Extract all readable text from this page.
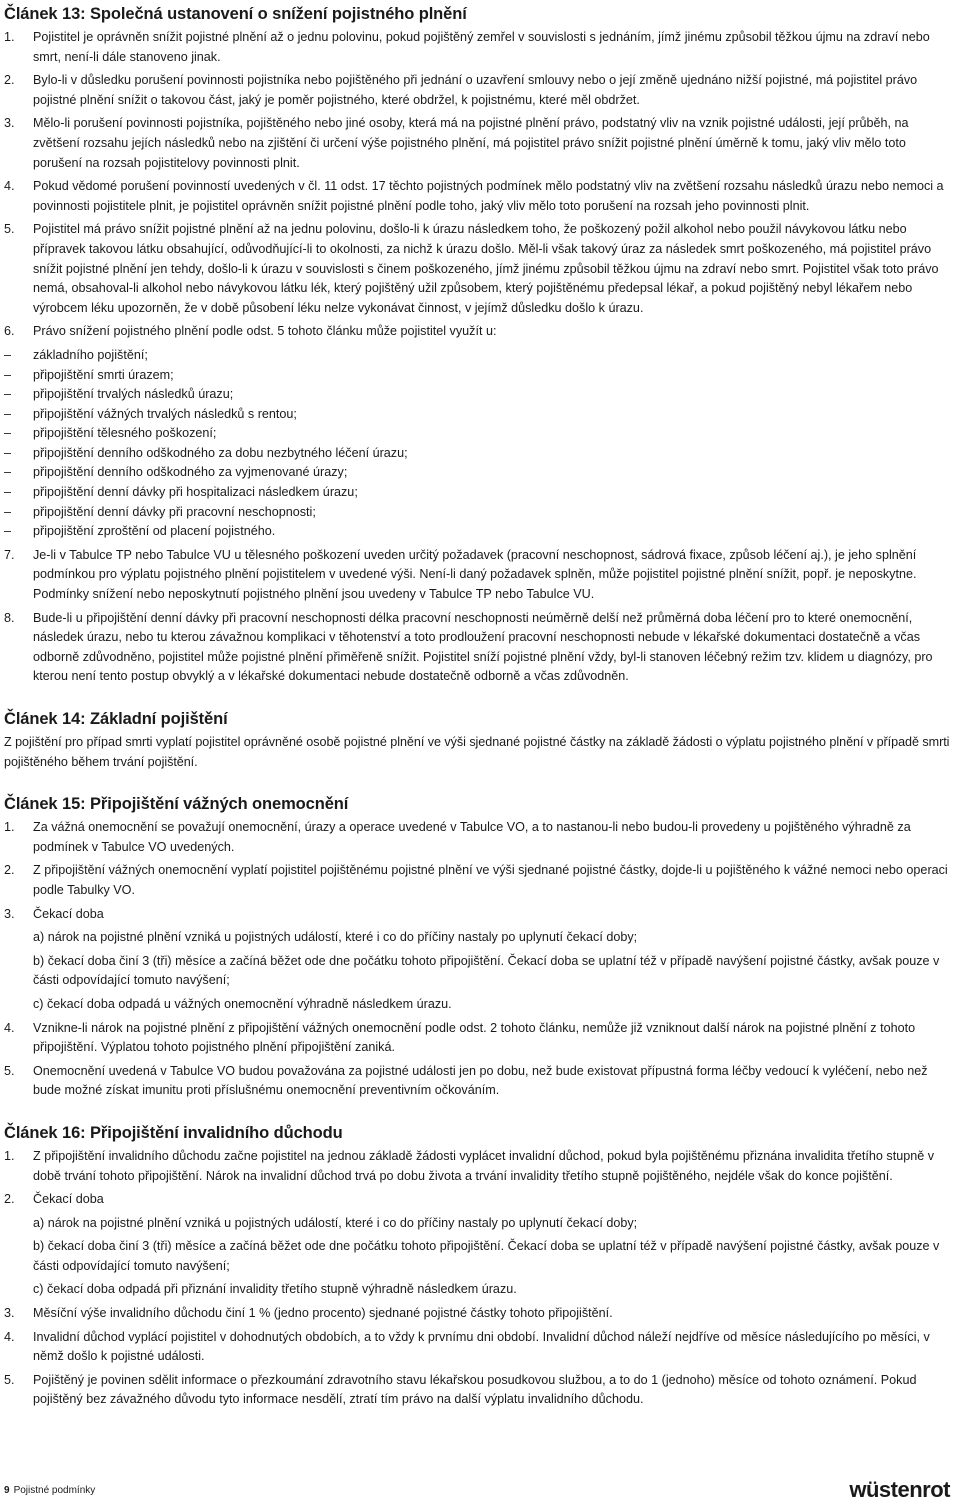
Článek 13: Společná ustanovení o snížení pojistného plnění
1.	Pojistitel je oprávněn snížit pojistné plnění až o jednu polovinu, pokud pojištěný zemřel v souvislosti s jednáním, jímž jinému způsobil těžkou újmu na zdraví nebo smrt, není-li dále stanoveno jinak.
2.	Bylo-li v důsledku porušení povinnosti pojistníka nebo pojištěného při jednání o uzavření smlouvy nebo o její změně ujednáno nižší pojistné, má pojistitel právo pojistné plnění snížit o takovou část, jaký je poměr pojistného, které obdržel, k pojistnému, které měl obdržet.
3.	Mělo-li porušení povinnosti pojistníka, pojištěného nebo jiné osoby, která má na pojistné plnění právo, podstatný vliv na vznik pojistné události, její průběh, na zvětšení rozsahu jejích následků nebo na zjištění či určení výše pojistného plnění, má pojistitel právo snížit pojistné plnění úměrně k tomu, jaký vliv mělo toto porušení na rozsah pojistitelovy povinnosti plnit.
4.	Pokud vědomé porušení povinností uvedených v čl. 11 odst. 17 těchto pojistných podmínek mělo podstatný vliv na zvětšení rozsahu následků úrazu nebo nemoci a povinnosti pojistitele plnit, je pojistitel oprávněn snížit pojistné plnění podle toho, jaký vliv mělo toto porušení na rozsah jeho povinnosti plnit.
5.	Pojistitel má právo snížit pojistné plnění až na jednu polovinu, došlo-li k úrazu následkem toho, že poškozený požil alkohol nebo použil návykovou látku nebo přípravek takovou látku obsahující, odůvodňující-li to okolnosti, za nichž k úrazu došlo. Měl-li však takový úraz za následek smrt poškozeného, má pojistitel právo snížit pojistné plnění jen tehdy, došlo-li k úrazu v souvislosti s činem poškozeného, jímž jinému způsobil těžkou újmu na zdraví nebo smrt. Pojistitel však toto právo nemá, obsahoval-li alkohol nebo návykovou látku lék, který pojištěný užil způsobem, který pojištěnému předepsal lékař, a pokud pojištěný nebyl lékařem nebo výrobcem léku upozorněn, že v době působení léku nelze vykonávat činnost, v jejímž důsledku došlo k úrazu.
6.	Právo snížení pojistného plnění podle odst. 5 tohoto článku může pojistitel využít u:
–	základního pojištění;
–	připojištění smrti úrazem;
–	připojištění trvalých následků úrazu;
–	připojištění vážných trvalých následků s rentou;
–	připojištění tělesného poškození;
–	připojištění denního odškodného za dobu nezbytného léčení úrazu;
–	připojištění denního odškodného za vyjmenované úrazy;
–	připojištění denní dávky při hospitalizaci následkem úrazu;
–	připojištění denní dávky při pracovní neschopnosti;
–	připojištění zproštění od placení pojistného.
7.	Je-li v Tabulce TP nebo Tabulce VU u tělesného poškození uveden určitý požadavek (pracovní neschopnost, sádrová fixace, způsob léčení aj.), je jeho splnění podmínkou pro výplatu pojistného plnění pojistitelem v uvedené výši. Není-li daný požadavek splněn, může pojistitel pojistné plnění snížit, popř. je neposkytne. Podmínky snížení nebo neposkytnutí pojistného plnění jsou uvedeny v Tabulce TP nebo Tabulce VU.
8.	Bude-li u připojištění denní dávky při pracovní neschopnosti délka pracovní neschopnosti neúměrně delší než průměrná doba léčení pro to které onemocnění, následek úrazu, nebo tu kterou závažnou komplikaci v těhotenství a toto prodloužení pracovní neschopnosti nebude v lékařské dokumentaci dostatečně a včas odborně zdůvodněno, pojistitel může pojistné plnění přiměřeně snížit. Pojistitel sníží pojistné plnění vždy, byl-li stanoven léčebný režim tzv. klidem u diagnózy, pro kterou není tento postup obvyklý a v lékařské dokumentaci nebude dostatečně odborně a včas zdůvodněn.
Článek 14: Základní pojištění
Z pojištění pro případ smrti vyplatí pojistitel oprávněné osobě pojistné plnění ve výši sjednané pojistné částky na základě žádosti o výplatu pojistného plnění v případě smrti pojištěného během trvání pojištění.
Článek 15: Připojištění vážných onemocnění
1.	Za vážná onemocnění se považují onemocnění, úrazy a operace uvedené v Tabulce VO, a to nastanou-li nebo budou-li provedeny u pojištěného výhradně za podmínek v Tabulce VO uvedených.
2.	Z připojištění vážných onemocnění vyplatí pojistitel pojištěnému pojistné plnění ve výši sjednané pojistné částky, dojde-li u pojištěného k vážné nemoci nebo operaci podle Tabulky VO.
3.	Čekací doba
a) nárok na pojistné plnění vzniká u pojistných událostí, které i co do příčiny nastaly po uplynutí čekací doby;
b) čekací doba činí 3 (tři) měsíce a začíná běžet ode dne počátku tohoto připojištění. Čekací doba se uplatní též v případě navýšení pojistné částky, avšak pouze v části odpovídající tomuto navýšení;
c) čekací doba odpadá u vážných onemocnění výhradně následkem úrazu.
4.	Vznikne-li nárok na pojistné plnění z připojištění vážných onemocnění podle odst. 2 tohoto článku, nemůže již vzniknout další nárok na pojistné plnění z tohoto připojištění. Výplatou tohoto pojistného plnění připojištění zaniká.
5.	Onemocnění uvedená v Tabulce VO budou považována za pojistné události jen po dobu, než bude existovat přípustná forma léčby vedoucí k vyléčení, nebo než bude možné získat imunitu proti příslušnému onemocnění preventivním očkováním.
Článek 16: Připojištění invalidního důchodu
1.	Z připojištění invalidního důchodu začne pojistitel na jednou základě žádosti vyplácet invalidní důchod, pokud byla pojištěnému přiznána invalidita třetího stupně v době trvání tohoto připojištění. Nárok na invalidní důchod trvá po dobu života a trvání invalidity třetího stupně pojištěného, nejdéle však do konce pojištění.
2.	Čekací doba
a) nárok na pojistné plnění vzniká u pojistných událostí, které i co do příčiny nastaly po uplynutí čekací doby;
b) čekací doba činí 3 (tři) měsíce a začíná běžet ode dne počátku tohoto připojištění. Čekací doba se uplatní též v případě navýšení pojistné částky, avšak pouze v části odpovídající tomuto navýšení;
c) čekací doba odpadá při přiznání invalidity třetího stupně výhradně následkem úrazu.
3.	Měsíční výše invalidního důchodu činí 1 % (jedno procento) sjednané pojistné částky tohoto připojištění.
4.	Invalidní důchod vyplácí pojistitel v dohodnutých obdobích, a to vždy k prvnímu dni období. Invalidní důchod náleží nejdříve od měsíce následujícího po měsíci, v němž došlo k pojistné události.
5.	Pojištěný je povinen sdělit informace o přezkoumání zdravotního stavu lékařskou posudkovou službou, a to do 1 (jednoho) měsíce od tohoto oznámení. Pokud pojištěný bez závažného důvodu tyto informace nesdělí, ztratí tím právo na další výplatu invalidního důchodu.
9 Pojistné podmínky	wüstenrot
